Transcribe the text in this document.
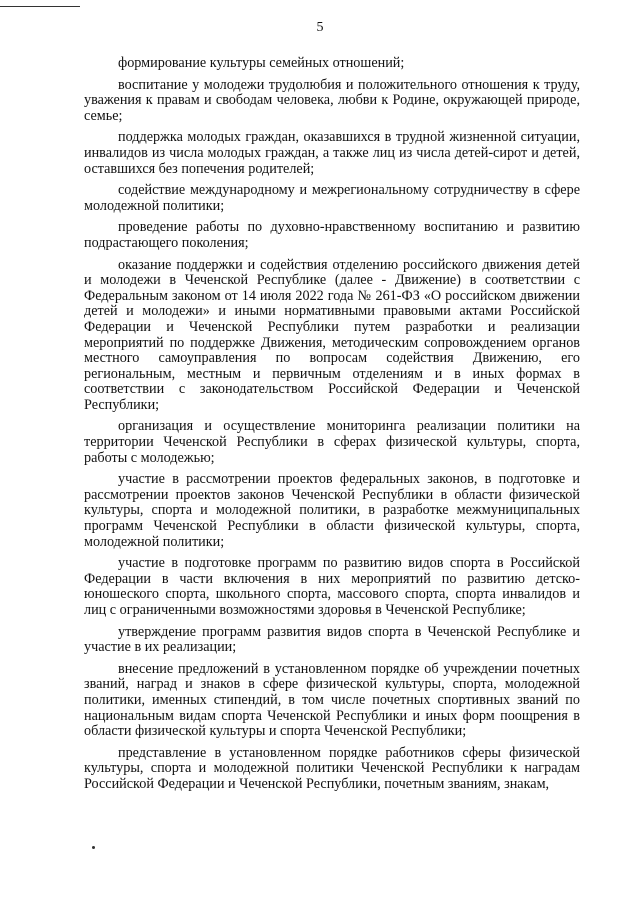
5

формирование культуры семейных отношений;

воспитание у молодежи трудолюбия и положительного отношения к труду, уважения к правам и свободам человека, любви к Родине, окружающей природе, семье;

поддержка молодых граждан, оказавшихся в трудной жизненной ситуации, инвалидов из числа молодых граждан, а также лиц из числа детей-сирот и детей, оставшихся без попечения родителей;

содействие международному и межрегиональному сотрудничеству в сфере молодежной политики;

проведение работы по духовно-нравственному воспитанию и развитию подрастающего поколения;

оказание поддержки и содействия отделению российского движения детей и молодежи в Чеченской Республике (далее - Движение) в соответствии с Федеральным законом от 14 июля 2022 года № 261-ФЗ «О российском движении детей и молодежи» и иными нормативными правовыми актами Российской Федерации и Чеченской Республики путем разработки и реализации мероприятий по поддержке Движения, методическим сопровождением органов местного самоуправления по вопросам содействия Движению, его региональным, местным и первичным отделениям и в иных формах в соответствии с законодательством Российской Федерации и Чеченской Республики;

организация и осуществление мониторинга реализации политики на территории Чеченской Республики в сферах физической культуры, спорта, работы с молодежью;

участие в рассмотрении проектов федеральных законов, в подготовке и рассмотрении проектов законов Чеченской Республики в области физической культуры, спорта и молодежной политики, в разработке межмуниципальных программ Чеченской Республики в области физической культуры, спорта, молодежной политики;

участие в подготовке программ по развитию видов спорта в Российской Федерации в части включения в них мероприятий по развитию детско-юношеского спорта, школьного спорта, массового спорта, спорта инвалидов и лиц с ограниченными возможностями здоровья в Чеченской Республике;

утверждение программ развития видов спорта в Чеченской Республике и участие в их реализации;

внесение предложений в установленном порядке об учреждении почетных званий, наград и знаков в сфере физической культуры, спорта, молодежной политики, именных стипендий, в том числе почетных спортивных званий по национальным видам спорта Чеченской Республики и иных форм поощрения в области физической культуры и спорта Чеченской Республики;

представление в установленном порядке работников сферы физической культуры, спорта и молодежной политики Чеченской Республики к наградам Российской Федерации и Чеченской Республики, почетным званиям, знакам,
